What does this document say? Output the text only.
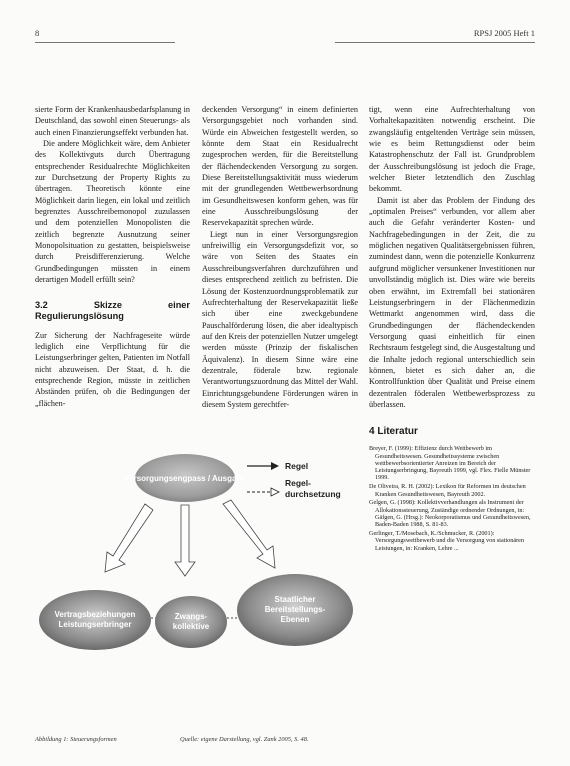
8	RPSJ 2005 Heft 1

sierte Form der Krankenhausbedarfsplanung in Deutschland, das sowohl einen Steuerungs- als auch einen Finanzierungseffekt verbunden hat.

Die andere Möglichkeit wäre, dem Anbieter des Kollektivguts durch Übertragung entsprechender Residualrechte Möglichkeiten zur Durchsetzung der Property Rights zu übertragen. Theoretisch könnte eine Möglichkeit darin liegen, ein lokal und zeitlich begrenztes Ausschreibemonopol zuzulassen und dem potenziellen Monopolisten die zeitlich begrenzte Ausnutzung seiner Monopolsituation zu gestatten, beispielsweise durch Preisdifferenzierung. Welche Grundbedingungen müssten in einem derartigen Modell erfüllt sein?

3.2 Skizze einer Regulierungslösung

Zur Sicherung der Nachfrageseite würde lediglich eine Verpflichtung für die Leistungserbringer gelten, Patienten im Notfall nicht abzuweisen. Der Staat, d. h. die entsprechende Region, müsste in zeitlichen Abständen prüfen, ob die Bedingungen der „flächen-

deckenden Versorgung“ in einem definierten Versorgungsgebiet noch vorhanden sind. Würde ein Abweichen festgestellt werden, so könnte dem Staat ein Residualrecht zugesprochen werden, für die Bereitstellung der flächendeckenden Versorgung zu sorgen. Diese Bereitstellungsaktivität muss wiederum mit der grundlegenden Wettbewerbsordnung im Gesundheitswesen konform gehen, was für eine Ausschreibungslösung der Reservekapazität sprechen würde.

Liegt nun in einer Versorgungsregion unfreiwillig ein Versorgungsdefizit vor, so wäre von Seiten des Staates ein Ausschreibungsverfahren durchzuführen und dieses entsprechend zeitlich zu befristen. Die Lösung der Kostenzuordnungsproblematik zur Aufrechterhaltung der Reservekapazität ließe sich über eine zweckgebundene Pauschalförderung lösen, die aber idealtypisch auf den Kreis der potenziellen Nutzer umgelegt werden müsste (Prinzip der fiskalischen Äquivalenz). In diesem Sinne wäre eine dezentrale, föderale bzw. regionale Verantwortungszuordnung das Mittel der Wahl. Einrichtungsgebundene Förderungen wären in diesem System gerechtfer-

tigt, wenn eine Aufrechterhaltung von Vorhaltekapazitäten notwendig erscheint. Die zwangsläufig entgeltenden Verträge sein müssen, wie es beim Rettungsdienst oder beim Katastrophenschutz der Fall ist. Grundproblem der Ausschreibungslösung ist jedoch die Frage, welcher Bieter letztendlich den Zuschlag bekommt.

Damit ist aber das Problem der Findung des „optimalen Preises“ verbunden, vor allem aber auch die Gefahr veränderter Kosten- und Nachfragebedingungen in der Zeit, die zu möglichen negativen Qualitätsergebnissen führen, zumindest dann, wenn die potenzielle Konkurrenz aufgrund möglicher versunkener Investitionen nur unvollständig möglich ist. Dies wäre wie bereits oben erwähnt, im Extremfall bei stationären Leistungserbringern in der Flächenmedizin Wettmarkt angenommen wird, dass die Grundbedingungen der flächendeckenden Versorgung quasi einheitlich für einen Rechtsraum festgelegt sind, die Ausgestaltung und die Inhalte jedoch regional unterschiedlich sein können, bietet es sich daher an, die Kontrollfunktion über Qualität und Preise einem dezentralen föderalen Wettbewerbsprozess zu überlassen.

4 Literatur

Breyer, F. (1999): Effizienz durch Wettbewerb im Gesundheitswesen. Gesundheitssysteme zwischen wettbewerbsorientierter Anreizen im Bereich der Leistungserbringung, Bayreuth 1999, vgl. Flex. Fielle Münster 1999.

De Oliveira, R. H. (2002): Lexikon für Reformen im deutschen Kranken Gesundheitswesen, Bayreuth 2002.

Gelgen, G. (1998): Kollektivverhandlungen als Instrument der Allokationssteuerung, Zuständige ordnender Ordnungen, in: Gäfgen, G. (Hrsg.): Neokorporatismus und Gesundheitswesen, Baden-Baden 1988, S. 81-83.

Gerlinger, T./Mosebach, K./Schmucker, R. (2001): Versorgungswettbewerb und die Versorgung von stationären Leistungen, in: Kranken, Lehre ...

Versorgungsengpass / Ausgabe
Regel
Regel-
durchsetzung
Vertragsbeziehungen
Leistungserbringer
Zwangs-
kollektive
Staatlicher
Bereitstellungs-
Ebenen
Abbildung 1: Steuerungsformen	Quelle: eigene Darstellung, vgl. Zank 2005, S. 48.
